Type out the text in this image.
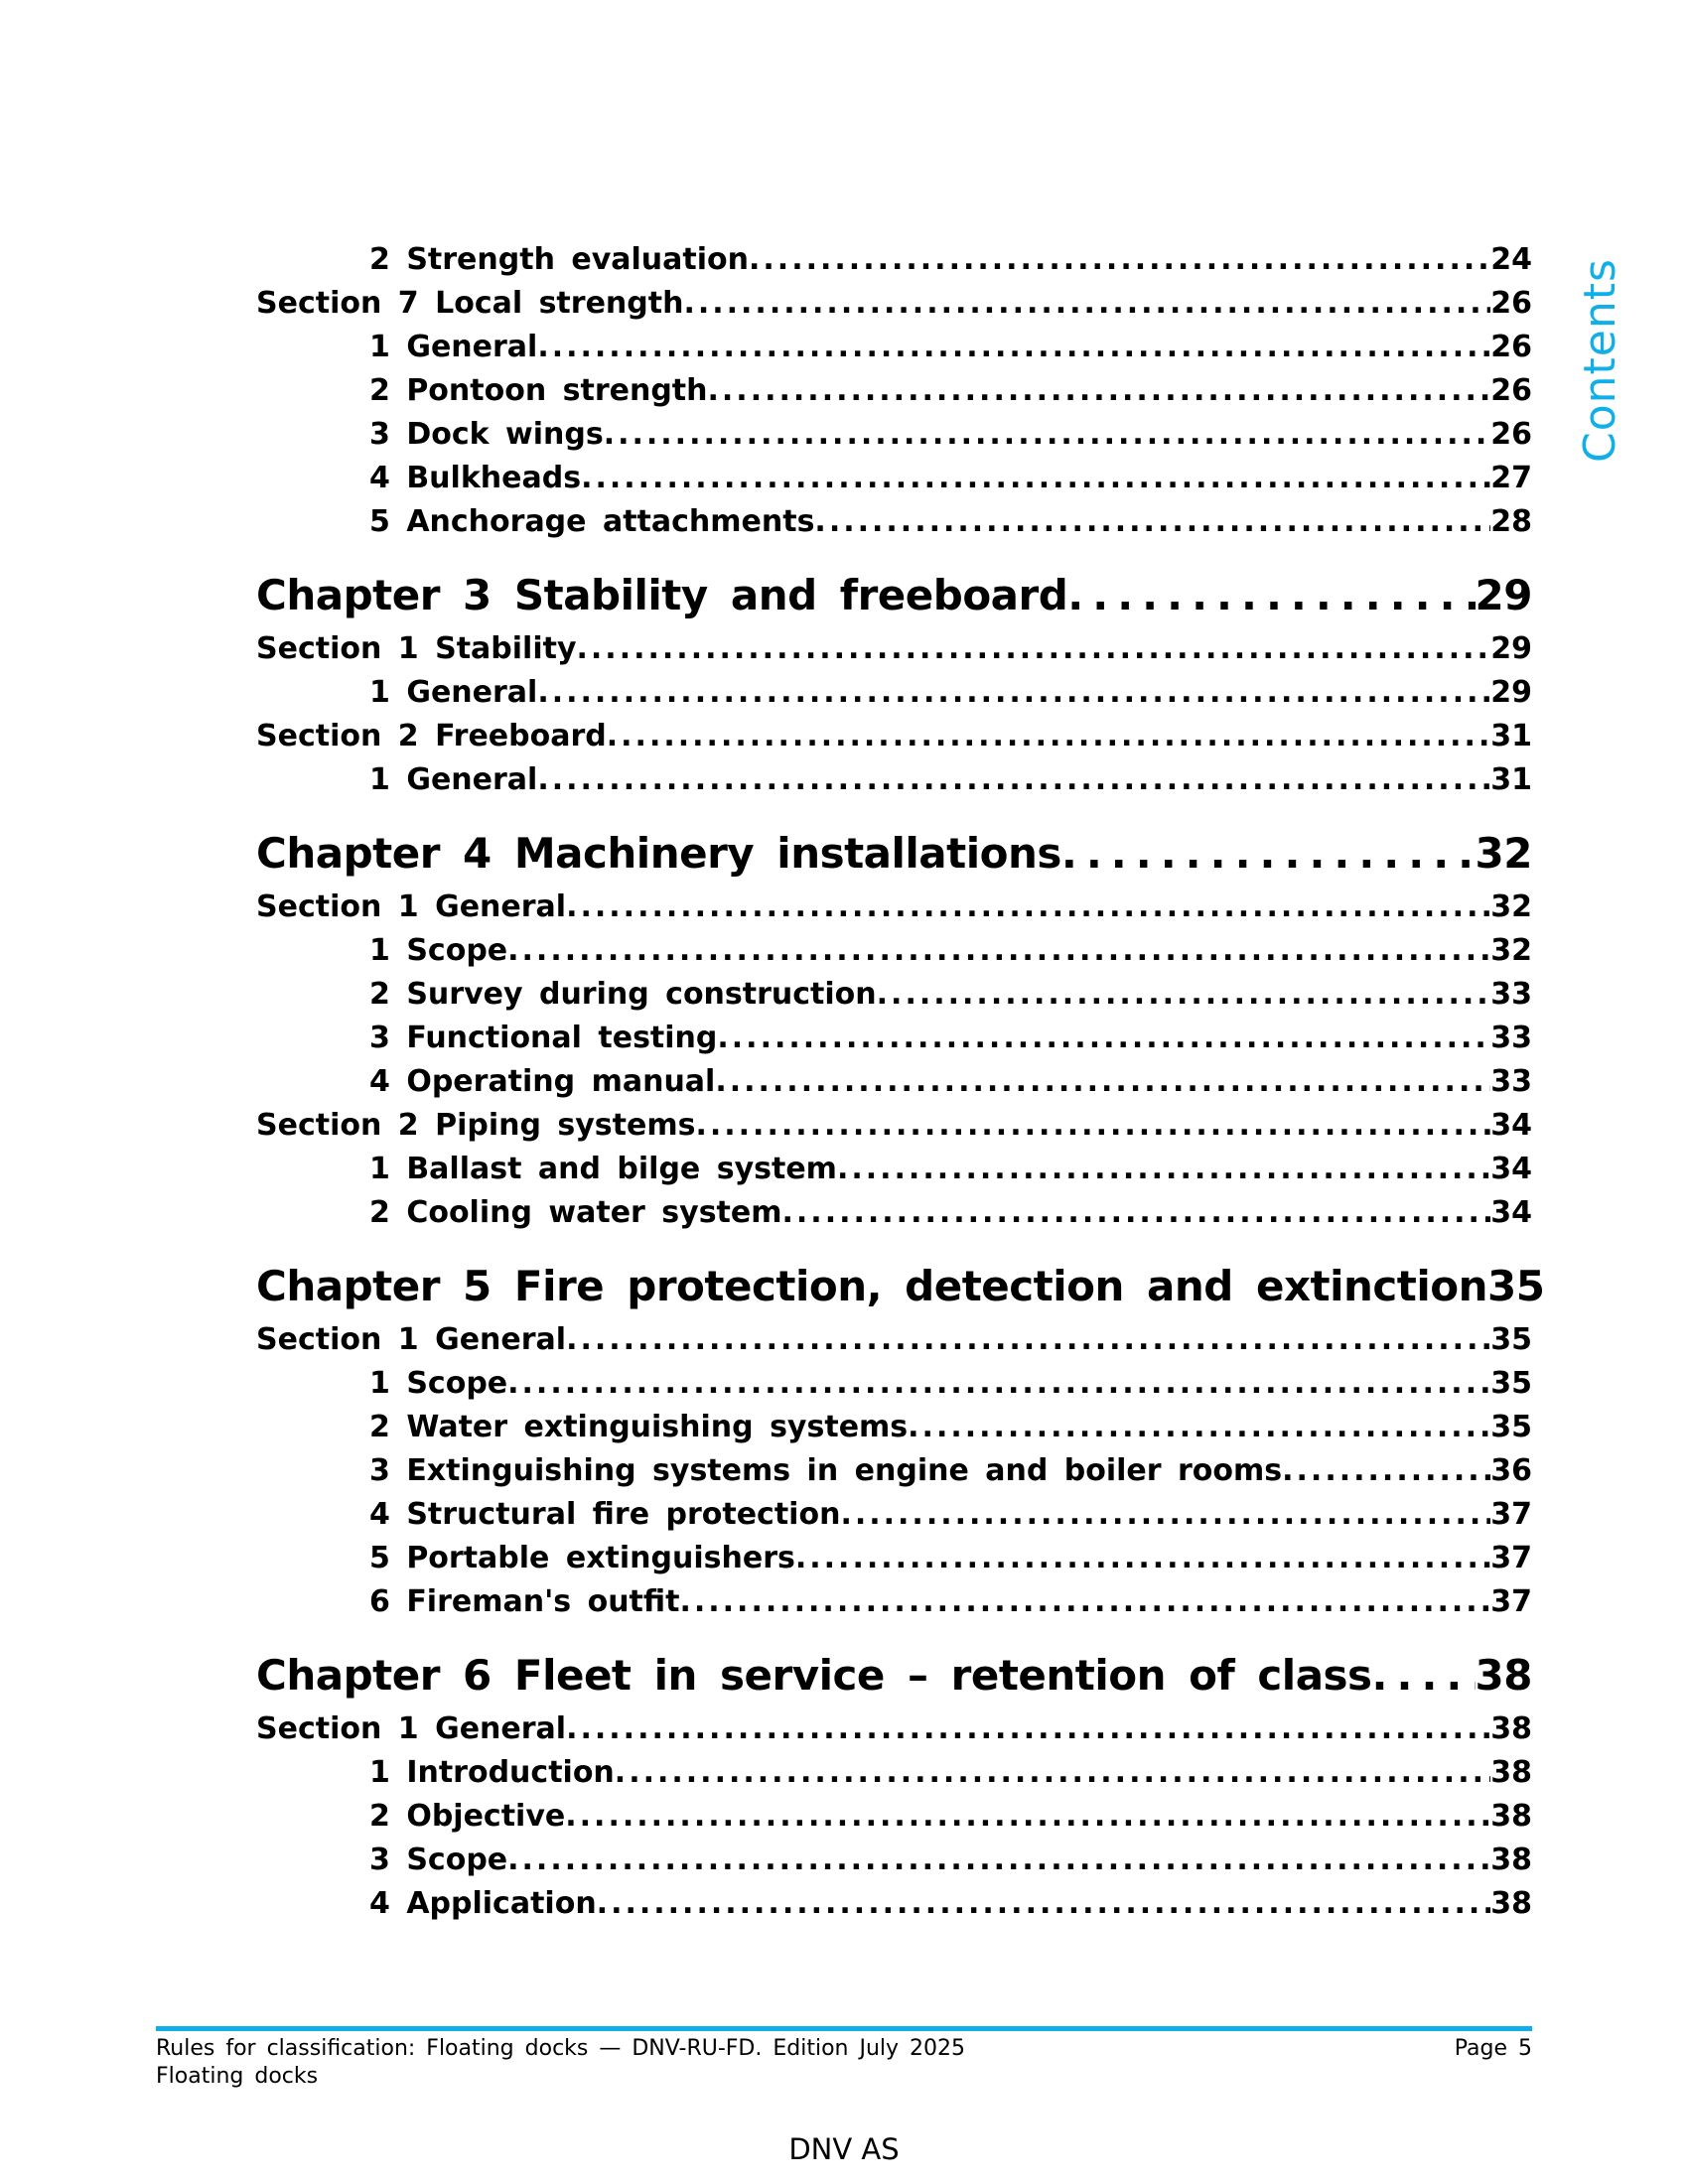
2 Strength evaluation .....	24
Section 7 Local strength .....	26
1 General .....	26
2 Pontoon strength .....	26
3 Dock wings .....	26
4 Bulkheads .....	27
5 Anchorage attachments .....	28
Chapter 3 Stability and freeboard .....	29
Section 1 Stability .....	29
1 General .....	29
Section 2 Freeboard .....	31
1 General .....	31
Chapter 4 Machinery installations .....	32
Section 1 General .....	32
1 Scope .....	32
2 Survey during construction .....	33
3 Functional testing .....	33
4 Operating manual .....	33
Section 2 Piping systems .....	34
1 Ballast and bilge system .....	34
2 Cooling water system .....	34
Chapter 5 Fire protection, detection and extinction 35
Section 1 General .....	35
1 Scope .....	35
2 Water extinguishing systems .....	35
3 Extinguishing systems in engine and boiler rooms .....	36
4 Structural fire protection .....	37
5 Portable extinguishers .....	37
6 Fireman's outfit .....	37
Chapter 6 Fleet in service – retention of class ..... 38
Section 1 General .....	38
1 Introduction .....	38
2 Objective .....	38
3 Scope .....	38
4 Application .....	38
Contents
Rules for classification: Floating docks — DNV-RU-FD. Edition July 2025	Page 5
Floating docks
DNV AS
